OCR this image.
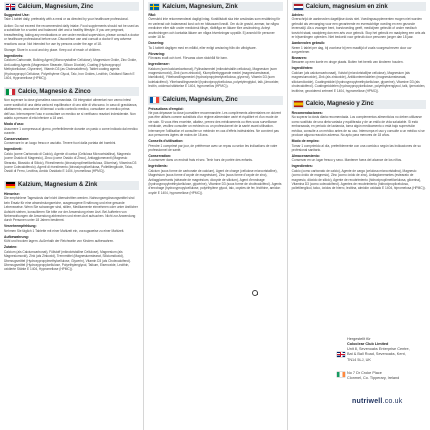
Calcium, Magnesium, Zinc
Suggested Use:

Take 1 tablet daily, preferably with a meal or as directed by your healthcare professional.

Action: Do not exceed the recommended daily intake. Food supplements should not be used as a substitute for a varied and balanced diet and a healthy lifestyle. If you are pregnant, breastfeeding, taking any medications or are under medical supervision, please consult a doctor or healthcare professional before use. Discontinue use and consult a doctor if any adverse reactions occur. Not intended for use by persons under the age of 18.

Storage: Store in a cool and dry place. Keep out of reach of children.

Ingredients:

Calcium Carbonate, Bulking Agent (Microcrystalline Cellulose), Magnesium Oxide, Zinc Oxide, Anti-caking Agents (Magnesium Stearate, Silicon Dioxide), Coating (Hydroxypropyl Methylcellulose, Glycerine), Vitamin D3 (as Cholecalciferol). Tablet coating agents (Hydroxypropyl Cellulose, Polyethylene Glycol, Talc, Iron Oxides, Lecithin, Oxidised Starch E 1404, Hypromellose (HPMC)).

Calcio, Magnesio & Zinco

Non superare la dose giornaliera raccomandata. Gli integratori alimentari non vanno intesi come sostituti di una dieta varia ed equilibrata e di uno stile di vita sano. In caso di gravidanza, allattamento, assunzione di farmaci o sotto controllo medico, consultare un medico prima dell'uso. Interrompere l'uso e consultare un medico se si verificano reazioni indesiderate. Non adatto a persone di età inferiore a 18 anni.

Modo d'uso:

Assumere 1 compressa al giorno, preferibilmente durante un pasto o come indicato dal medico curante.

Conservazione:

Conservare in un luogo fresco e asciutto. Tenere fuori dalla portata dei bambini.

Ingredienti:

Calcio (come Carbonato di Calcio), Agente di carica (Cellulosa Microcristallina), Magnesio (come Ossido di Magnesio), Zinco (come Ossido di Zinco), Antiagglomeranti (Magnesio Stearato, Biossido di Silicio), Rivestimento (Idrossipropilmetilcellulosa, Glicerina), Vitamina D3 (come Colecalciferolo). Agenti di rivestimento (Idrossipropilcellulosa, Polietilenglicole, Talco, Ossidi di Ferro, Lecitina, Amido Ossidato E 1404, Ipromellosa (HPMC)).

Kalzium, Magnesium & Zink
Hinweise:

Die empfohlene Tagesdosis darf nicht überschritten werden. Nahrungsergänzungsmittel sind kein Ersatz für eine abwechslungsreiche, ausgewogene Ernährung und eine gesunde Lebensweise. Wenn Sie schwanger sind, stillen, Medikamente einnehmen oder unter ärztlicher Aufsicht stehen, konsultieren Sie bitte vor der Anwendung einen Arzt. Bei Auftreten von Nebenwirkungen die Anwendung abbrechen und einen Arzt aufsuchen. Nicht zur Anwendung durch Personen unter 18 Jahren bestimmt.

Verzehrempfehlung:

Nehmen Sie täglich 1 Tablette mit einer Mahlzeit ein, vorzugsweise zu einer Mahlzeit.

Aufbewahrung:

Kühl und trocken lagern. Außerhalb der Reichweite von Kindern aufbewahren.

Zutaten:

Calcium (als Calciumcarbonat), Füllstoff (mikrokristalline Cellulose), Magnesium (als Magnesiumoxid), Zink (als Zinkoxid), Trennmittel (Magnesiumstearat, Siliciumdioxid), Überzugsmittel (Hydroxypropylmethylcellulose, Glycerin), Vitamin D3 (als Cholecalciferol). Überzugsmittel (Hydroxypropylcellulose, Polyethylenglycol, Talkum, Eisenoxide, Lecithin, oxidierte Stärke E 1404, Hypromellose (HPMC)).

Kalcium, Magnesium, Zink
Råd:

Överskrid inte rekommenderat dagligt intag. Kosttillskott ska inte användas som ersättning för en varierad och balanserad kost och en hälsosam livsstil. Om du är gravid, ammar, tar några mediciner eller står under medicinsk tillsyn, rådfråga en läkare före användning. Avbryt användningen och kontakta läkare om några biverkningar uppstår. Ej avsedd för personer under 18 år.

Dosering:

Ta 1 tablett dagligen med en måltid, eller enligt anvisning från din vårdgivare.

Förvaring:

Förvaras svalt och torrt. Förvaras utom räckhåll för barn.

Ingredienser:

Kalcium (som kalciumkarbonat), Fyllnadsmedel (mikrokristallin cellulosa), Magnesium (som magnesiumoxid), Zink (som zinkoxid), Klumpförebyggande medel (magnesiumstearat, kiseldioxid), Ytbehandlingsmedel (hydroxipropylmetylcellulosa, glycerol), Vitamin D3 (som kolekalciferol). Ytbehandlingsmedel (hydroxipropylcellulosa, polyetylenglykol, talk, järnoxider, lecitin, oxiderad stärkelse E 1404, hypromellos (HPMC)).

Calcium, Magnésium, Zinc
Précautions d'emploi:

Ne pas dépasser la dose journalière recommandée. Les compléments alimentaires ne doivent pas être utilisés comme substituts d'un régime alimentaire varié et équilibré et d'un mode de vie sain. Si vous êtes enceinte, allaitez, prenez des médicaments ou êtes sous surveillance médicale, veuillez consulter un médecin ou un professionnel de la santé avant utilisation. Interrompre l'utilisation et consulter un médecin en cas d'effets indésirables. Ne convient pas aux personnes âgées de moins de 18 ans.

Conseils d'utilisation:

Prendre 1 comprimé par jour, de préférence avec un repas ou selon les indications de votre professionnel de santé.

Conservation:

À conserver dans un endroit frais et sec. Tenir hors de portée des enfants.

Ingrédients:

Calcium (sous forme de carbonate de calcium), Agent de charge (cellulose microcristalline), Magnésium (sous forme d'oxyde de magnésium), Zinc (sous forme d'oxyde de zinc), Antiagglomérants (stéarate de magnésium, dioxyde de silicium), Agent d'enrobage (hydroxypropylméthylcellulose, glycérine), Vitamine D3 (sous forme de cholécalciférol). Agents d'enrobage (hydroxypropylcellulose, polyéthylène glycol, talc, oxydes de fer, lécithine, amidon oxydé E 1404, hypromellose (HPMC)).

Calcium, magnesium en zink
Advies:

Overschrijd de aanbevolen dagelijkse dosis niet. Voedingssupplementen mogen niet worden gebruikt als vervanging voor een gevarieerde en evenwichtige voeding en een gezonde levensstijl. Als u zwanger bent, borstvoeding geeft, medicijnen gebruikt of onder medisch toezicht staat, raadpleeg dan een arts voor gebruik. Stop het gebruik en raadpleeg een arts als er bijwerkingen optreden. Niet bedoeld voor gebruik door personen jonger dan 18 jaar.

Aanbevolen gebruik:

Neem 1 tablet per dag, bij voorkeur bij een maaltijd of zoals voorgeschreven door uw zorgverlener.

Bewaren:

Bewaren op een koele en droge plaats. Buiten het bereik van kinderen houden.

Ingrediënten:

Calcium (als calciumcarbonaat), Vulstof (microkristallijne cellulose), Magnesium (als magnesiumoxide), Zink (als zinkoxide), Antiklontermiddelen (magnesiumstearaat, siliciumdioxide), Coatingmiddel (hydroxypropylmethylcellulose, glycerine), Vitamine D3 (als cholecalciferol). Coatingmiddelen (hydroxypropylcellulose, polyethyleenglycol, talk, ijzeroxiden, lecithine, geoxideerd zetmeel E 1404, hypromellose (HPMC)).

Calcio, Magnesio y Zinc
Recomendaciones:

No superar la dosis diaria recomendada. Los complementos alimenticios no deben utilizarse como sustituto de una dieta variada y equilibrada y de un estilo de vida saludable. Si está embarazada, en periodo de lactancia, toma algún medicamento o está bajo supervisión médica, consulte a un médico antes de su uso. Interrumpa el uso y consulte a un médico si se produce alguna reacción adversa. No apto para menores de 18 años.

Modo de empleo:

Tomar 1 comprimido al día, preferiblemente con una comida o según las indicaciones de su profesional sanitario.

Almacenamiento:

Conservar en un lugar fresco y seco. Mantener fuera del alcance de los niños.

Ingredientes:

Calcio (como carbonato de calcio), Agente de carga (celulosa microcristalina), Magnesio (como óxido de magnesio), Zinc (como óxido de zinc), Antiaglomerantes (estearato de magnesio, dióxido de silicio), Agente de recubrimiento (hidroxipropilmetilcelulosa, glicerina), Vitamina D3 (como colecalciferol). Agentes de recubrimiento (hidroxipropilcelulosa, polietilenglicol, talco, óxidos de hierro, lecitina, almidón oxidado E 1404, hipromelosa (HPMC)).

Hergestellt für
Coloclear Club Limited
Unit 8, Sevenoaks Enterprise Centre,
Bat & Ball Road, Sevenoaks, Kent,
TN14 5LJ, UK
No 7 Dr Croke Place
Clonmel, Co. Tipperary, Ireland
nutriwell.co.uk
